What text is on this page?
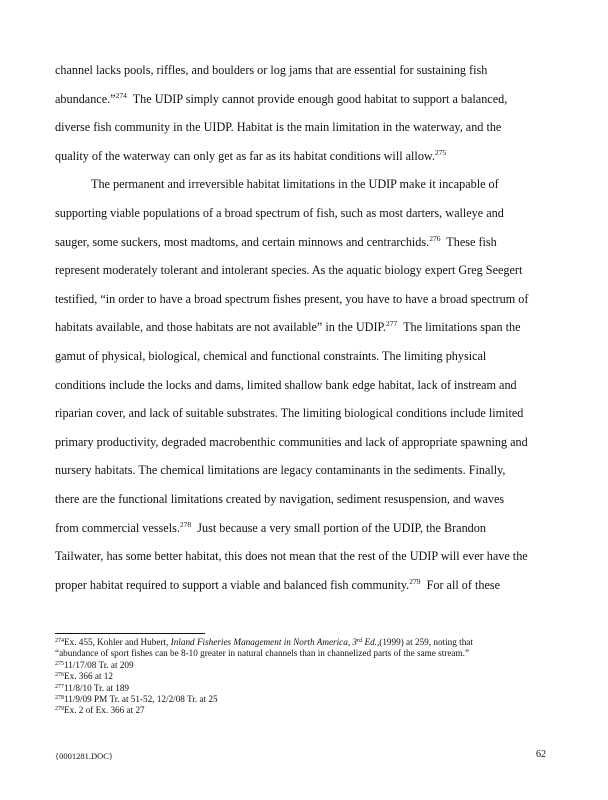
channel lacks pools, riffles, and boulders or log jams that are essential for sustaining fish
abundance.”$^{274}$  The UDIP simply cannot provide enough good habitat to support a balanced,
diverse fish community in the UIDP. Habitat is the main limitation in the waterway, and the
quality of the waterway can only get as far as its habitat conditions will allow.$^{275}$
The permanent and irreversible habitat limitations in the UDIP make it incapable of
supporting viable populations of a broad spectrum of fish, such as most darters, walleye and
sauger, some suckers, most madtoms, and certain minnows and centrarchids.$^{276}$  These fish
represent moderately tolerant and intolerant species. As the aquatic biology expert Greg Seegert
testified, “in order to have a broad spectrum fishes present, you have to have a broad spectrum of
habitats available, and those habitats are not available” in the UDIP.$^{277}$  The limitations span the
gamut of physical, biological, chemical and functional constraints. The limiting physical
conditions include the locks and dams, limited shallow bank edge habitat, lack of instream and
riparian cover, and lack of suitable substrates. The limiting biological conditions include limited
primary productivity, degraded macrobenthic communities and lack of appropriate spawning and
nursery habitats. The chemical limitations are legacy contaminants in the sediments. Finally,
there are the functional limitations created by navigation, sediment resuspension, and waves
from commercial vessels.$^{278}$  Just because a very small portion of the UDIP, the Brandon
Tailwater, has some better habitat, this does not mean that the rest of the UDIP will ever have the
proper habitat required to support a viable and balanced fish community.$^{279}$  For all of these
$^{274}$Ex. 455, Kohler and Hubert, Inland Fisheries Management in North America, 3rd Ed.,(1999) at 259, noting that
“abundance of sport fishes can be 8-10 greater in natural channels than in channelized parts of the same stream.”
$^{275}$11/17/08 Tr. at 209
$^{276}$Ex. 366 at 12
$^{277}$11/8/10 Tr. at 189
$^{278}$11/9/09 PM Tr. at 51-52, 12/2/08 Tr. at 25
$^{279}$Ex. 2 of Ex. 366 at 27
{0001281.DOC}	62
